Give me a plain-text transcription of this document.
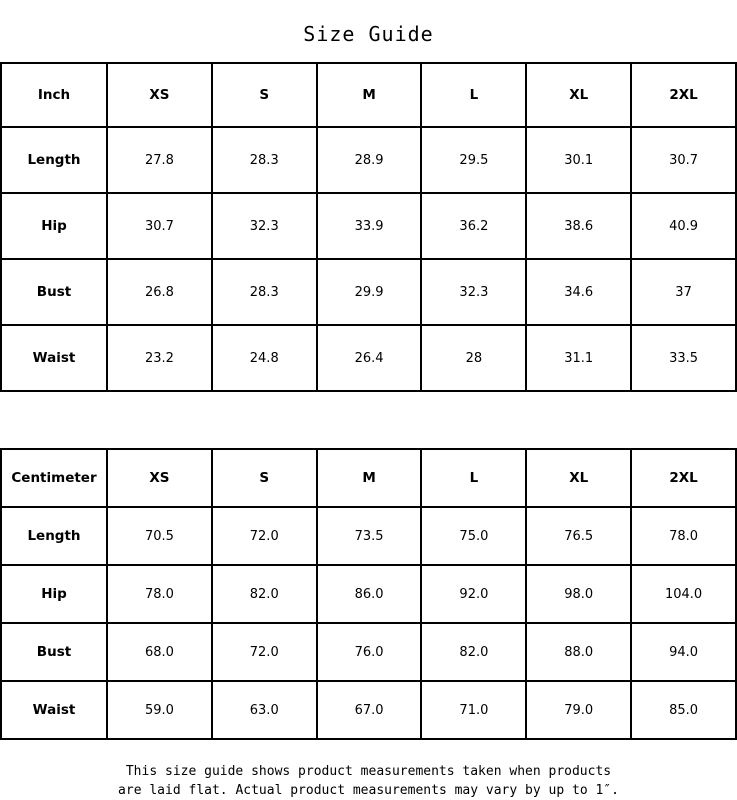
Size Guide
Inch	XS	S	M	L	XL	2XL
Length	27.8	28.3	28.9	29.5	30.1	30.7
Hip	30.7	32.3	33.9	36.2	38.6	40.9
Bust	26.8	28.3	29.9	32.3	34.6	37
Waist	23.2	24.8	26.4	28	31.1	33.5
Centimeter	XS	S	M	L	XL	2XL
Length	70.5	72.0	73.5	75.0	76.5	78.0
Hip	78.0	82.0	86.0	92.0	98.0	104.0
Bust	68.0	72.0	76.0	82.0	88.0	94.0
Waist	59.0	63.0	67.0	71.0	79.0	85.0
This size guide shows product measurements taken when products
are laid flat. Actual product measurements may vary by up to 1″.
